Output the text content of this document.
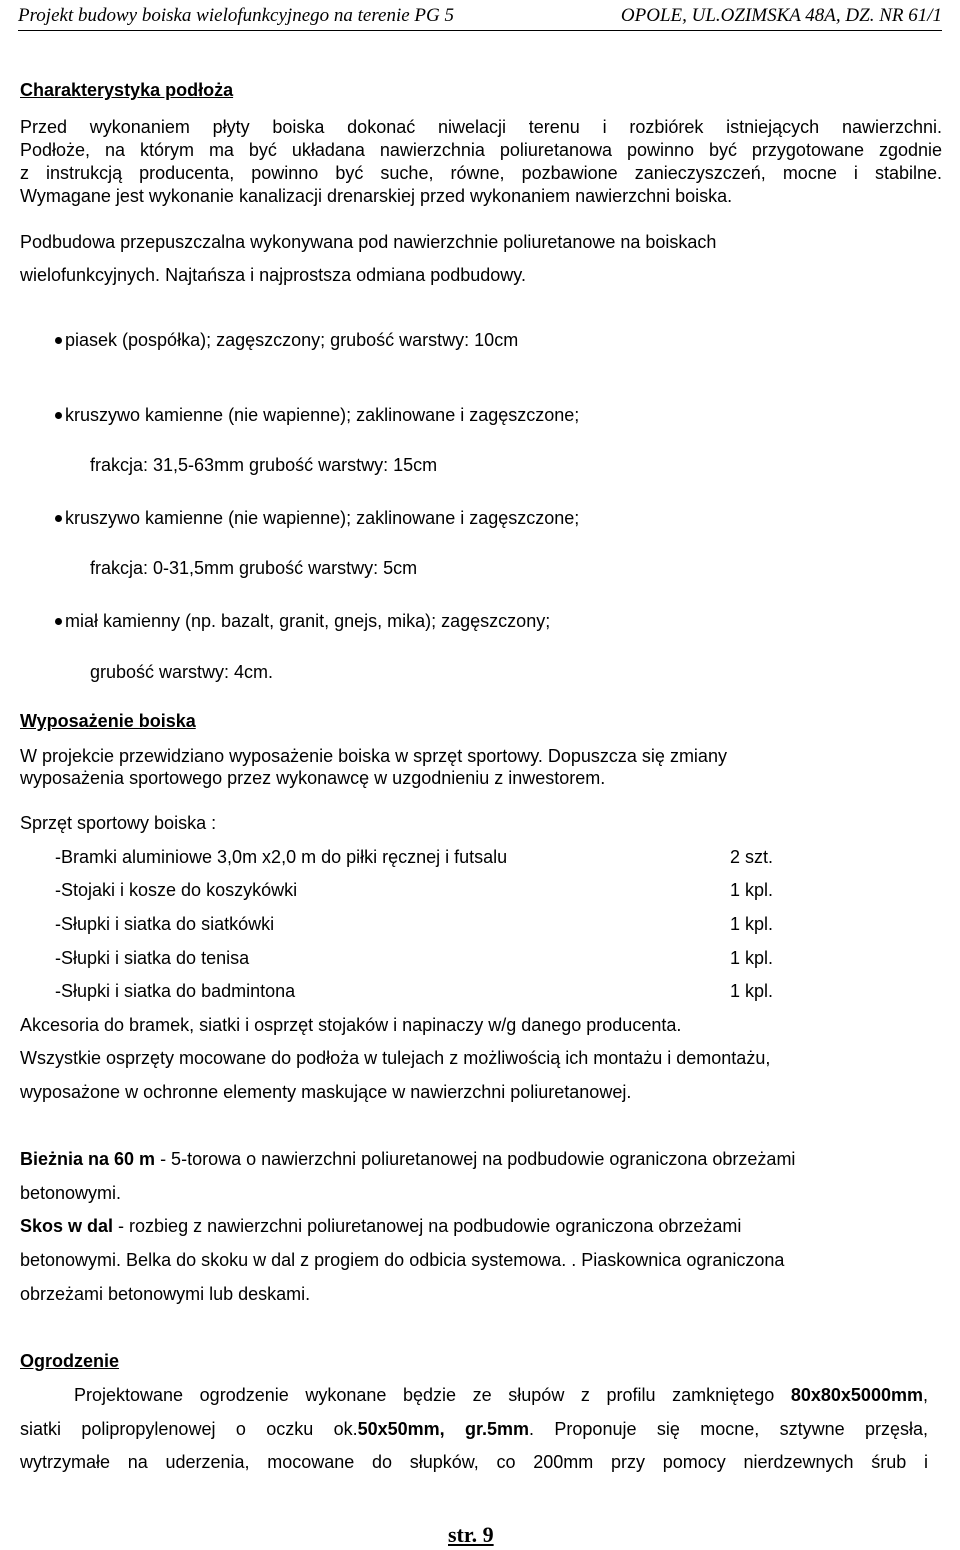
Projekt budowy boiska wielofunkcyjnego na terenie PG 5	OPOLE, UL.OZIMSKA 48A, DZ. NR 61/1
Charakterystyka podłoża
Przed wykonaniem płyty boiska dokonać niwelacji terenu i rozbiórek istniejących nawierzchni.
Podłoże, na którym ma być układana nawierzchnia poliuretanowa powinno być przygotowane zgodnie
z instrukcją producenta, powinno być suche, równe, pozbawione zanieczyszczeń, mocne i stabilne.
Wymagane jest wykonanie kanalizacji drenarskiej przed wykonaniem nawierzchni boiska.
Podbudowa przepuszczalna wykonywana pod nawierzchnie poliuretanowe na boiskach
wielofunkcyjnych. Najtańsza i najprostsza odmiana podbudowy.
piasek (pospółka); zagęszczony; grubość warstwy: 10cm
kruszywo kamienne (nie wapienne); zaklinowane i zagęszczone;
frakcja: 31,5-63mm grubość warstwy: 15cm
kruszywo kamienne (nie wapienne); zaklinowane i zagęszczone;
frakcja: 0-31,5mm grubość warstwy: 5cm
miał kamienny (np. bazalt, granit, gnejs, mika); zagęszczony;
grubość warstwy: 4cm.
Wyposażenie boiska
W projekcie przewidziano wyposażenie boiska w sprzęt sportowy. Dopuszcza się zmiany
wyposażenia sportowego przez wykonawcę w uzgodnieniu z inwestorem.
Sprzęt sportowy boiska :
-Bramki aluminiowe 3,0m x2,0 m do piłki ręcznej i futsalu	2 szt.
-Stojaki i kosze do koszykówki	1 kpl.
-Słupki i siatka do siatkówki	1 kpl.
-Słupki i siatka do tenisa	1 kpl.
-Słupki i siatka do badmintona	1 kpl.
Akcesoria do bramek, siatki i osprzęt stojaków i napinaczy w/g danego producenta.
Wszystkie osprzęty mocowane do podłoża w tulejach z możliwością ich montażu i demontażu,
wyposażone w ochronne elementy maskujące w nawierzchni poliuretanowej.
Bieżnia na 60 m - 5-torowa o nawierzchni poliuretanowej na podbudowie ograniczona obrzeżami
betonowymi.
Skos w dal - rozbieg z nawierzchni poliuretanowej na podbudowie ograniczona obrzeżami
betonowymi. Belka do skoku w dal z progiem do odbicia systemowa. . Piaskownica ograniczona
obrzeżami betonowymi lub deskami.
Ogrodzenie
Projektowane ogrodzenie wykonane będzie ze słupów z profilu zamkniętego 80x80x5000mm,
siatki polipropylenowej o oczku ok.50x50mm, gr.5mm. Proponuje się mocne, sztywne przęsła,
wytrzymałe na uderzenia, mocowane do słupków, co 200mm przy pomocy nierdzewnych śrub i
str. 9
